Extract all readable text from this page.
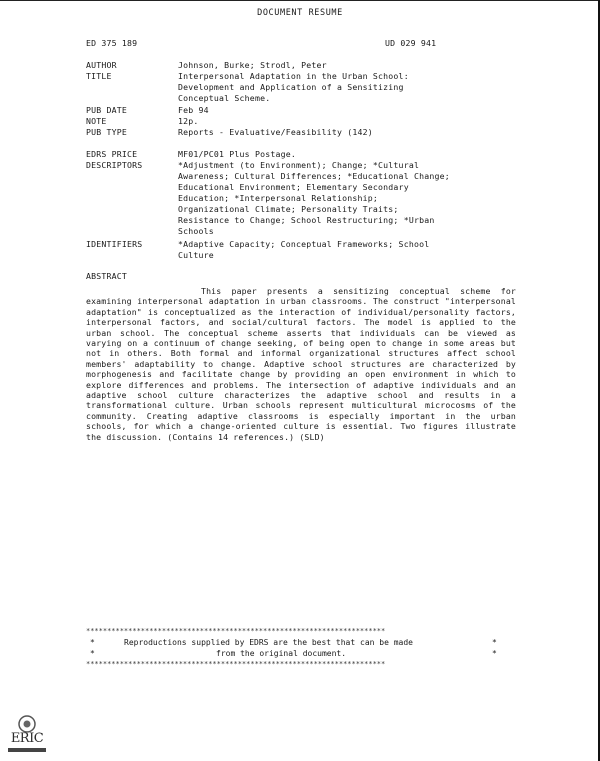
DOCUMENT RESUME
ED 375 189	UD 029 941
AUTHOR	Johnson, Burke; Strodl, Peter
TITLE	Interpersonal Adaptation in the Urban School:
Development and Application of a Sensitizing
Conceptual Scheme.
PUB DATE	Feb 94
NOTE	12p.
PUB TYPE	Reports - Evaluative/Feasibility (142)
EDRS PRICE	MF01/PC01 Plus Postage.
DESCRIPTORS	*Adjustment (to Environment); Change; *Cultural
Awareness; Cultural Differences; *Educational Change;
Educational Environment; Elementary Secondary
Education; *Interpersonal Relationship;
Organizational Climate; Personality Traits;
Resistance to Change; School Restructuring; *Urban
Schools
IDENTIFIERS	*Adaptive Capacity; Conceptual Frameworks; School
Culture
ABSTRACT
This paper presents a sensitizing conceptual scheme for examining interpersonal adaptation in urban classrooms. The construct "interpersonal adaptation" is conceptualized as the interaction of individual/personality factors, interpersonal factors, and social/cultural factors. The model is applied to the urban school. The conceptual scheme asserts that individuals can be viewed as varying on a continuum of change seeking, of being open to change in some areas but not in others. Both formal and informal organizational structures affect school members' adaptability to change. Adaptive school structures are characterized by morphogenesis and facilitate change by providing an open environment in which to explore differences and problems. The intersection of adaptive individuals and an adaptive school culture characterizes the adaptive school and results in a transformational culture. Urban schools represent multicultural microcosms of the community. Creating adaptive classrooms is especially important in the urban schools, for which a change-oriented culture is essential. Two figures illustrate the discussion. (Contains 14 references.) (SLD)
***********************************************************************
*	Reproductions supplied by EDRS are the best that can be made	*
*	from the original document.	*
***********************************************************************
ERIC
